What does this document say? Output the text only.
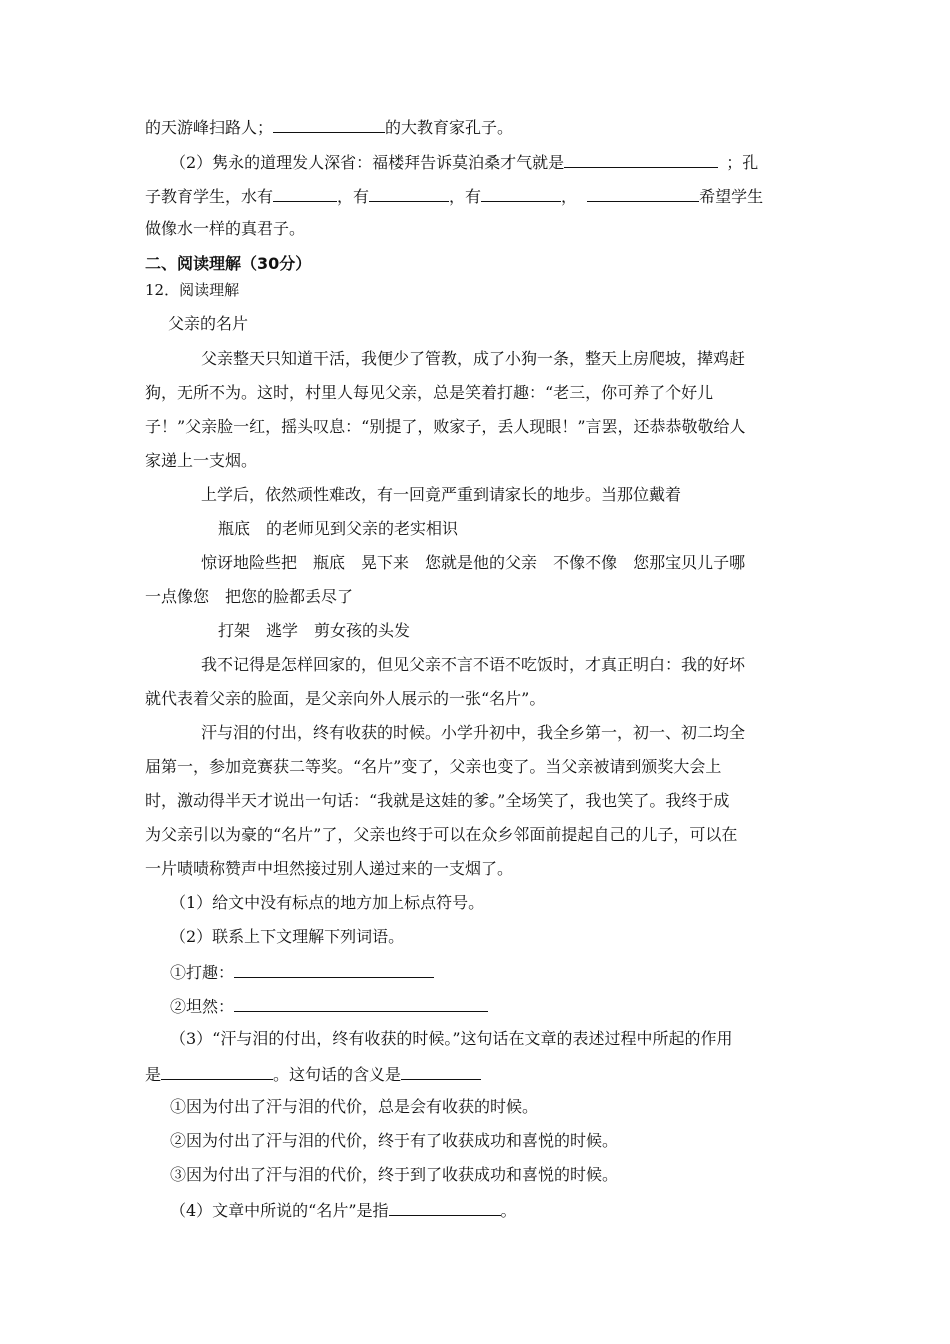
的天游峰扫路人；	的大教育家孔子。
（2）隽永的道理发人深省：福楼拜告诉莫泊桑才气就是	；孔
子教育学生，水有	，有	，有	，	希望学生
做像水一样的真君子。
二、阅读理解（30分）
12．阅读理解
父亲的名片
父亲整天只知道干活，我便少了管教，成了小狗一条，整天上房爬坡，撵鸡赶
狗，无所不为。这时，村里人每见父亲，总是笑着打趣：“老三，你可养了个好儿
子！”父亲脸一红，摇头叹息：“别提了，败家子，丢人现眼！”言罢，还恭恭敬敬给人
家递上一支烟。
上学后，依然顽性难改，有一回竟严重到请家长的地步。当那位戴着
瓶底 的老师见到父亲的老实相识
惊讶地险些把 瓶底 晃下来 您就是他的父亲 不像不像 您那宝贝儿子哪
一点像您 把您的脸都丢尽了
打架 逃学 剪女孩的头发
我不记得是怎样回家的，但见父亲不言不语不吃饭时，才真正明白：我的好坏
就代表着父亲的脸面，是父亲向外人展示的一张“名片”。
汗与泪的付出，终有收获的时候。小学升初中，我全乡第一，初一、初二均全
届第一，参加竞赛获二等奖。“名片”变了，父亲也变了。当父亲被请到颁奖大会上
时，激动得半天才说出一句话：“我就是这娃的爹。”全场笑了，我也笑了。我终于成
为父亲引以为豪的“名片”了，父亲也终于可以在众乡邻面前提起自己的儿子，可以在
一片啧啧称赞声中坦然接过别人递过来的一支烟了。
（1）给文中没有标点的地方加上标点符号。
（2）联系上下文理解下列词语。
①打趣：
②坦然：
（3）“汗与泪的付出，终有收获的时候。”这句话在文章的表述过程中所起的作用
是	。这句话的含义是
①因为付出了汗与泪的代价，总是会有收获的时候。
②因为付出了汗与泪的代价，终于有了收获成功和喜悦的时候。
③因为付出了汗与泪的代价，终于到了收获成功和喜悦的时候。
（4）文章中所说的“名片”是指	。
